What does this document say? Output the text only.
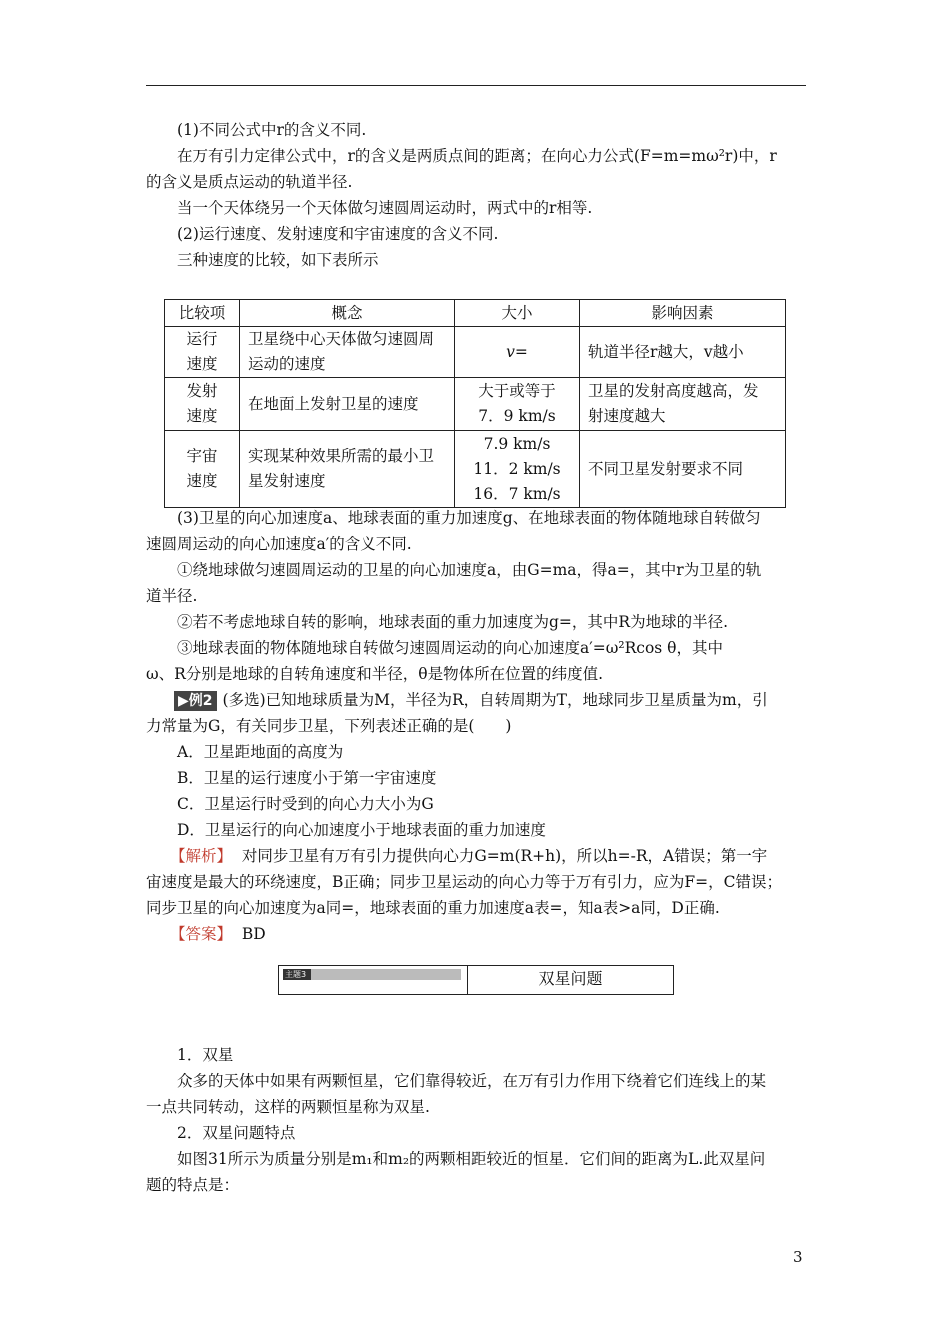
(1)不同公式中r的含义不同.
在万有引力定律公式中，r的含义是两质点间的距离；在向心力公式(F=m=mω²r)中，r
的含义是质点运动的轨道半径.
当一个天体绕另一个天体做匀速圆周运动时，两式中的r相等.
(2)运行速度、发射速度和宇宙速度的含义不同.
三种速度的比较，如下表所示
比较项	概念	大小	影响因素
运行
速度	卫星绕中心天体做匀速圆周
运动的速度	v=	轨道半径r越大，v越小
发射
速度	在地面上发射卫星的速度	大于或等于
7．9 km/s	卫星的发射高度越高，发
射速度越大
宇宙
速度	实现某种效果所需的最小卫
星发射速度	7.9 km/s
11．2 km/s
16．7 km/s	不同卫星发射要求不同
(3)卫星的向心加速度a、地球表面的重力加速度g、在地球表面的物体随地球自转做匀
速圆周运动的向心加速度a′的含义不同.
①绕地球做匀速圆周运动的卫星的向心加速度a，由G=ma，得a=，其中r为卫星的轨
道半径.
②若不考虑地球自转的影响，地球表面的重力加速度为g=，其中R为地球的半径.
③地球表面的物体随地球自转做匀速圆周运动的向心加速度a′=ω²Rcos θ，其中
ω、R分别是地球的自转角速度和半径，θ是物体所在位置的纬度值.
▶例2 (多选)已知地球质量为M，半径为R，自转周期为T，地球同步卫星质量为m，引
力常量为G，有关同步卫星，下列表述正确的是(　　)
A．卫星距地面的高度为
B．卫星的运行速度小于第一宇宙速度
C．卫星运行时受到的向心力大小为G
D．卫星运行的向心加速度小于地球表面的重力加速度
【解析】 对同步卫星有万有引力提供向心力G=m(R+h)，所以h=-R，A错误；第一宇
宙速度是最大的环绕速度，B正确；同步卫星运动的向心力等于万有引力，应为F=，C错误；
同步卫星的向心加速度为a同=，地球表面的重力加速度a表=，知a表>a同，D正确.
【答案】 BD
主题3	双星问题
1．双星
众多的天体中如果有两颗恒星，它们靠得较近，在万有引力作用下绕着它们连线上的某
一点共同转动，这样的两颗恒星称为双星.
2．双星问题特点
如图31所示为质量分别是m₁和m₂的两颗相距较近的恒星．它们间的距离为L.此双星问
题的特点是：
3
